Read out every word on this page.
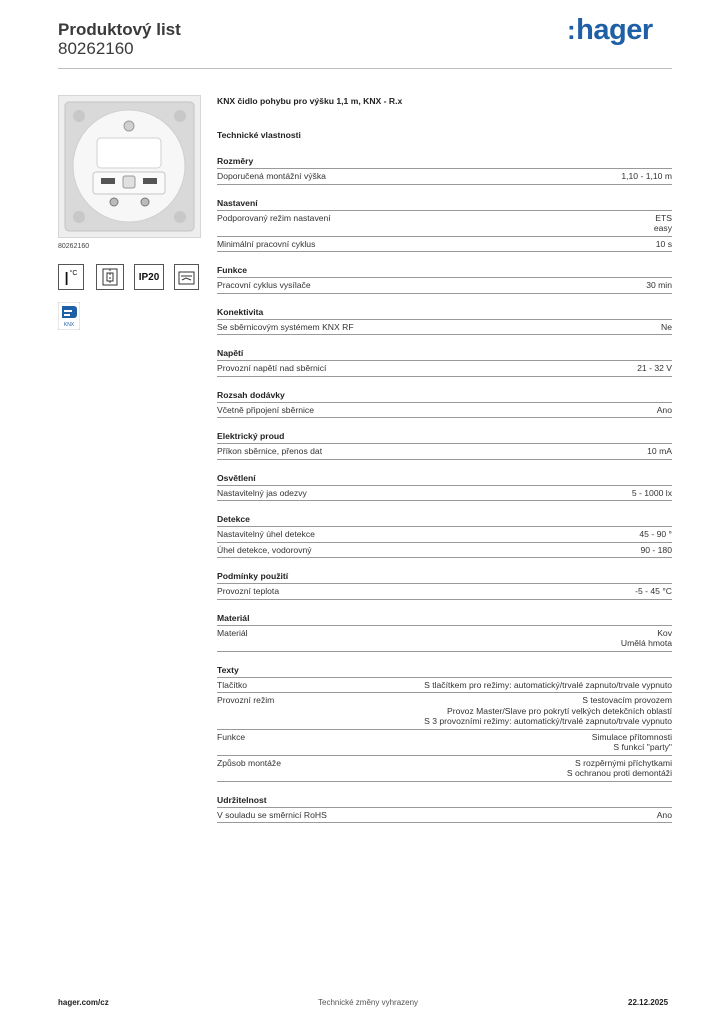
Produktový list
80262160
:hager
80262160
| °C	IP20
KNX
KNX čidlo pohybu pro výšku 1,1 m, KNX - R.x
Technické vlastnosti
Rozměry
Doporučená montážní výška	1,10 - 1,10 m
Nastavení
Podporovaný režim nastavení	ETS
easy
Minimální pracovní cyklus	10 s
Funkce
Pracovní cyklus vysílače	30 min
Konektivita
Se sběrnicovým systémem KNX RF	Ne
Napětí
Provozní napětí nad sběrnicí	21 - 32 V
Rozsah dodávky
Včetně připojení sběrnice	Ano
Elektrický proud
Příkon sběrnice, přenos dat	10 mA
Osvětlení
Nastavitelný jas odezvy	5 - 1000 lx
Detekce
Nastavitelný úhel detekce	45 - 90 °
Úhel detekce, vodorovný	90 - 180
Podmínky použití
Provozní teplota	-5 - 45 °C
Materiál
Materiál	Kov
Umělá hmota
Texty
Tlačítko	S tlačítkem pro režimy: automatický/trvalé zapnuto/trvale vypnuto
Provozní režim	S testovacím provozem
Provoz Master/Slave pro pokrytí velkých detekčních oblastí
S 3 provozními režimy: automatický/trvalé zapnuto/trvale vypnuto
Funkce	Simulace přítomnosti
S funkcí "party"
Způsob montáže	S rozpěrnými příchytkami
S ochranou proti demontáži
Udržitelnost
V souladu se směrnicí RoHS	Ano
hager.com/cz	Technické změny vyhrazeny	22.12.2025
